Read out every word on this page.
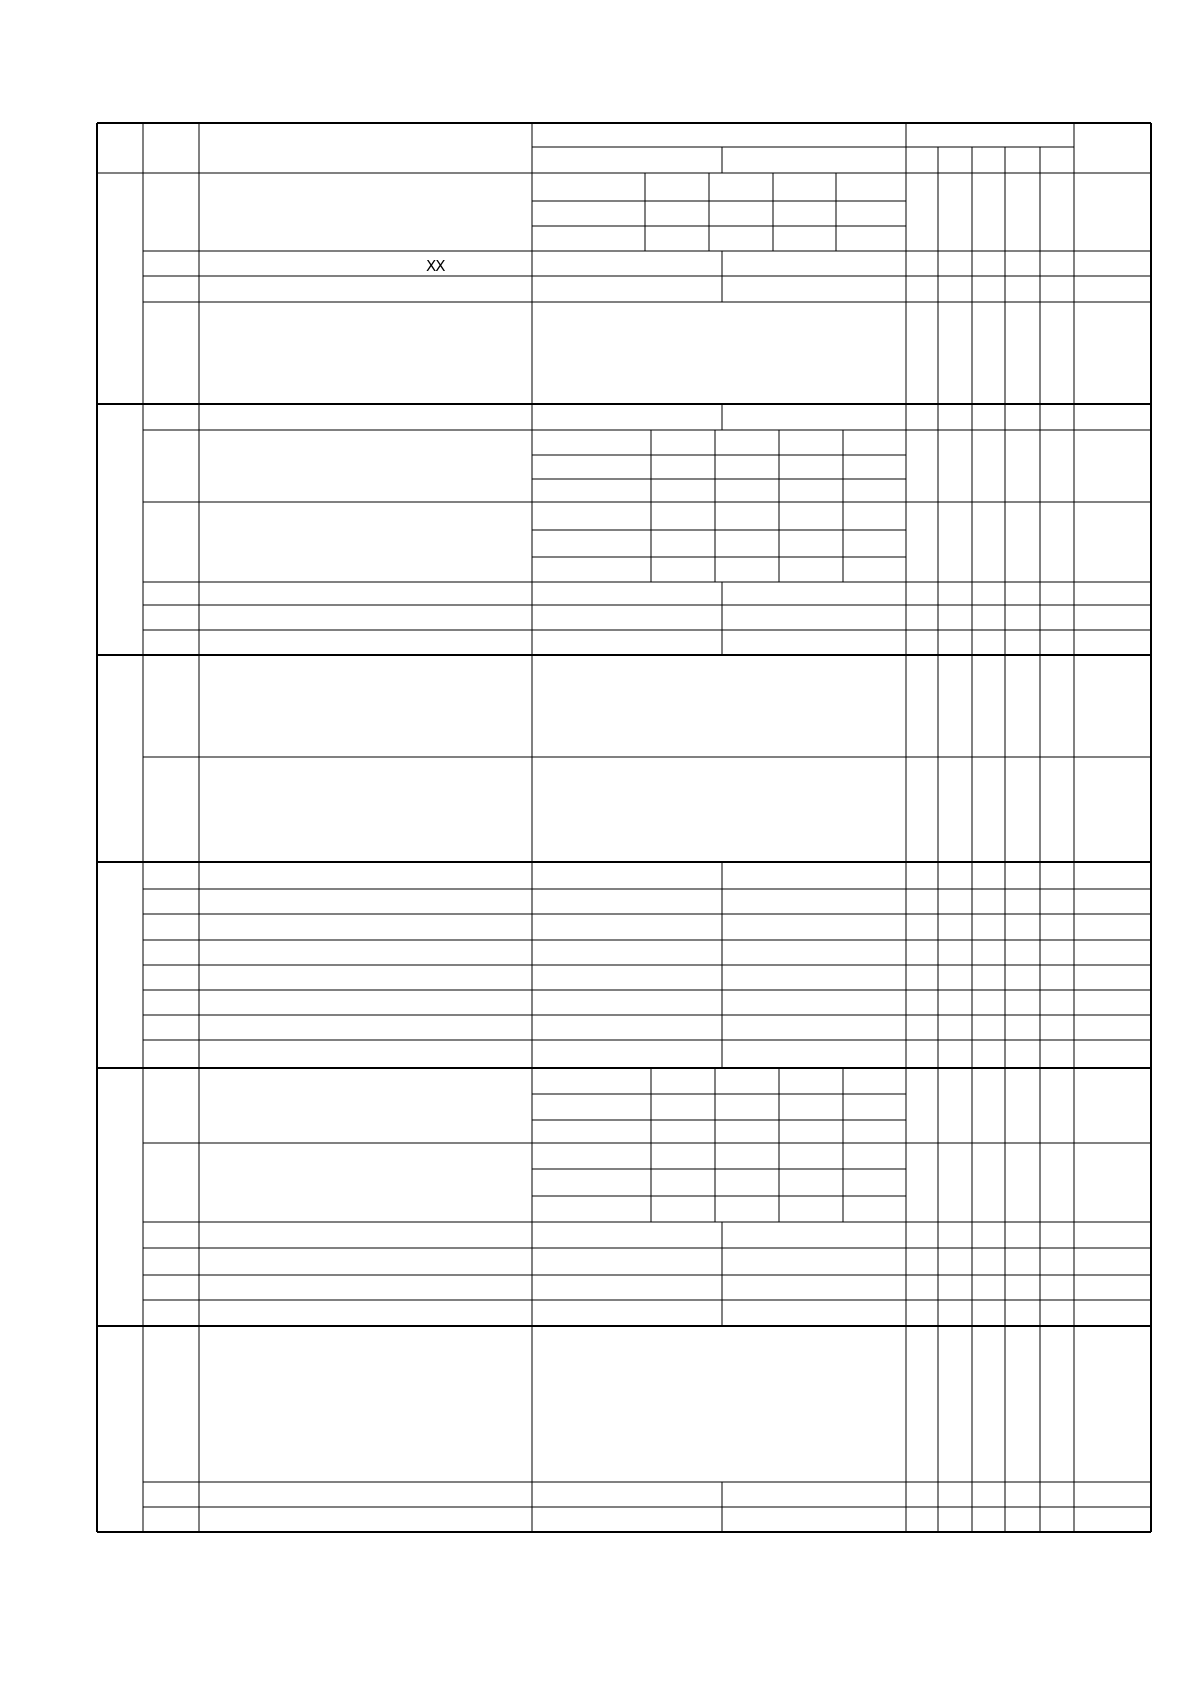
ⅩⅩ
